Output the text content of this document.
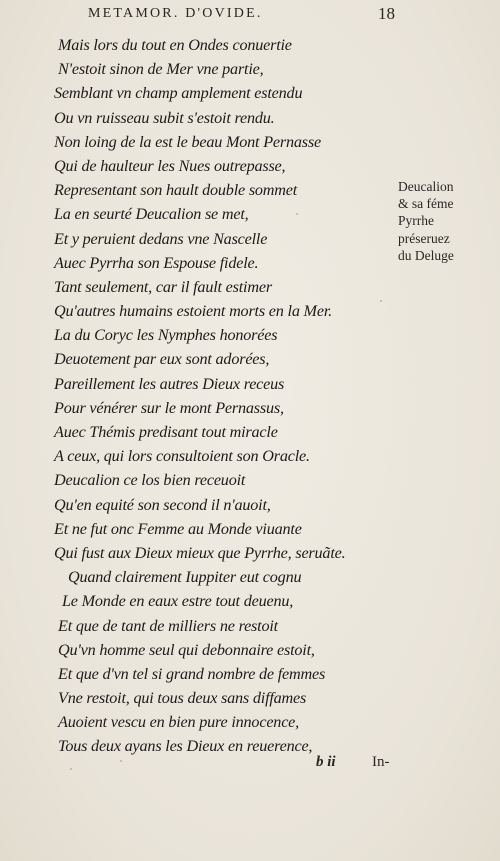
METAMOR. D'OVIDE.	18
Mais lors du tout en Ondes conuertie
N'estoit sinon de Mer vne partie,
Semblant vn champ amplement estendu
Ou vn ruisseau subit s'estoit rendu.
Non loing de la est le beau Mont Pernasse
Qui de haulteur les Nues outrepasse,
Representant son hault double sommet
La en seurté Deucalion se met,
Et y peruient dedans vne Nascelle
Auec Pyrrha son Espouse fidele.
Tant seulement, car il fault estimer
Qu'autres humains estoient morts en la Mer.
La du Coryc les Nymphes honorées
Deuotement par eux sont adorées,
Pareillement les autres Dieux receus
Pour vénérer sur le mont Pernassus,
Auec Thémis predisant tout miracle
A ceux, qui lors consultoient son Oracle.
Deucalion ce los bien receuoit
Qu'en equité son second il n'auoit,
Et ne fut onc Femme au Monde viuante
Qui fust aux Dieux mieux que Pyrrhe, seruãte.
Quand clairement Iuppiter eut cognu
Le Monde en eaux estre tout deuenu,
Et que de tant de milliers ne restoit
Qu'vn homme seul qui debonnaire estoit,
Et que d'vn tel si grand nombre de femmes
Vne restoit, qui tous deux sans diffames
Auoient vescu en bien pure innocence,
Tous deux ayans les Dieux en reuerence,
Deucalion
& sa féme
Pyrrhe
préseruez
du Deluge
b ii In-
